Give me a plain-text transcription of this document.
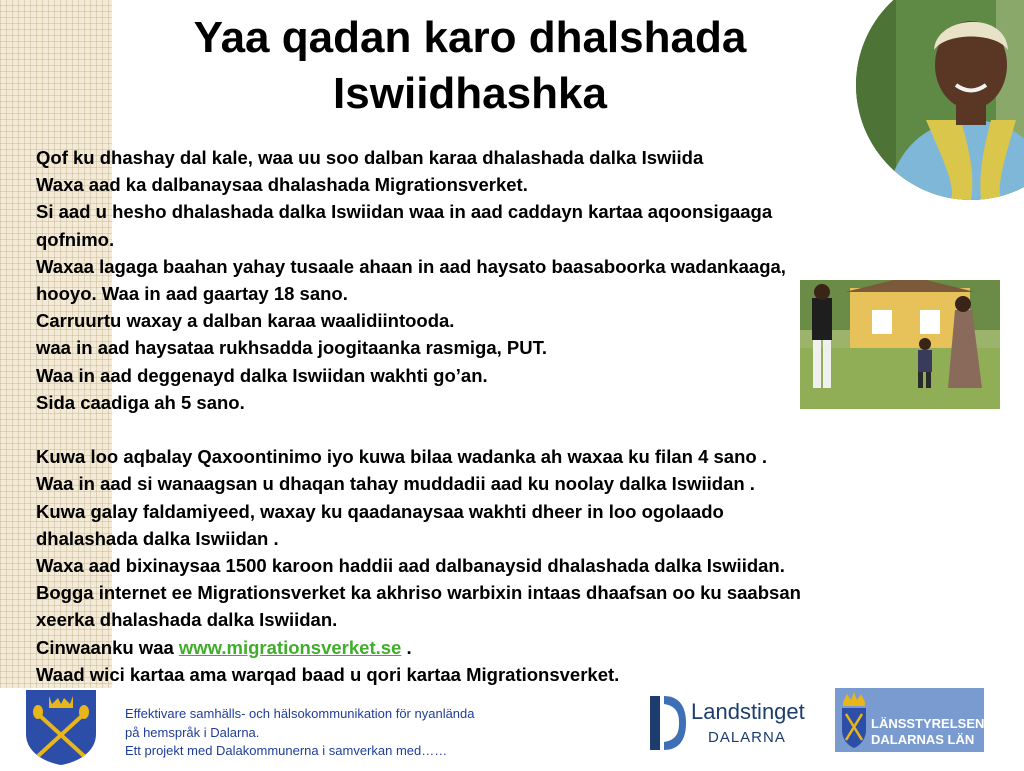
Yaa qadan karo dhalshada
Iswiidhashka
Qof ku dhashay dal kale, waa uu soo dalban karaa dhalashada dalka Iswiida
Waxa aad ka dalbanaysaa dhalashada Migrationsverket.
Si aad u hesho dhalashada dalka Iswiidan waa in aad caddayn kartaa aqoonsigaaga
qofnimo.
Waxaa lagaga baahan yahay tusaale ahaan in aad haysato baasaboorka wadankaaga,
hooyo. Waa in aad gaartay 18 sano.
Carruurtu waxay a dalban karaa waalidiintooda.
waa in aad haysataa rukhsadda joogitaanka rasmiga, PUT.
Waa in aad deggenayd dalka Iswiidan wakhti go’an.
Sida caadiga ah 5 sano.
Kuwa loo aqbalay Qaxoontinimo iyo kuwa bilaa wadanka ah waxaa ku filan 4 sano .
Waa in aad si wanaagsan u dhaqan tahay muddadii aad ku noolay dalka Iswiidan .
Kuwa galay faldamiyeed, waxay ku qaadanaysaa wakhti dheer in loo ogolaado
dhalashada dalka Iswiidan .
Waxa aad bixinaysaa 1500 karoon haddii aad dalbanaysid dhalashada dalka Iswiidan.
Bogga internet ee Migrationsverket ka akhriso warbixin intaas dhaafsan oo ku saabsan
xeerka dhalashada dalka Iswiidan.
Cinwaanku waa www.migrationsverket.se .
Waad wici kartaa ama warqad baad u qori kartaa Migrationsverket.
Effektivare samhälls- och hälsokommunikation för nyanlända
på hemspråk i Dalarna.
Ett projekt med Dalakommunerna i samverkan med……
Landstinget
DALARNA
LÄNSSTYRELSEN
DALARNAS LÄN
